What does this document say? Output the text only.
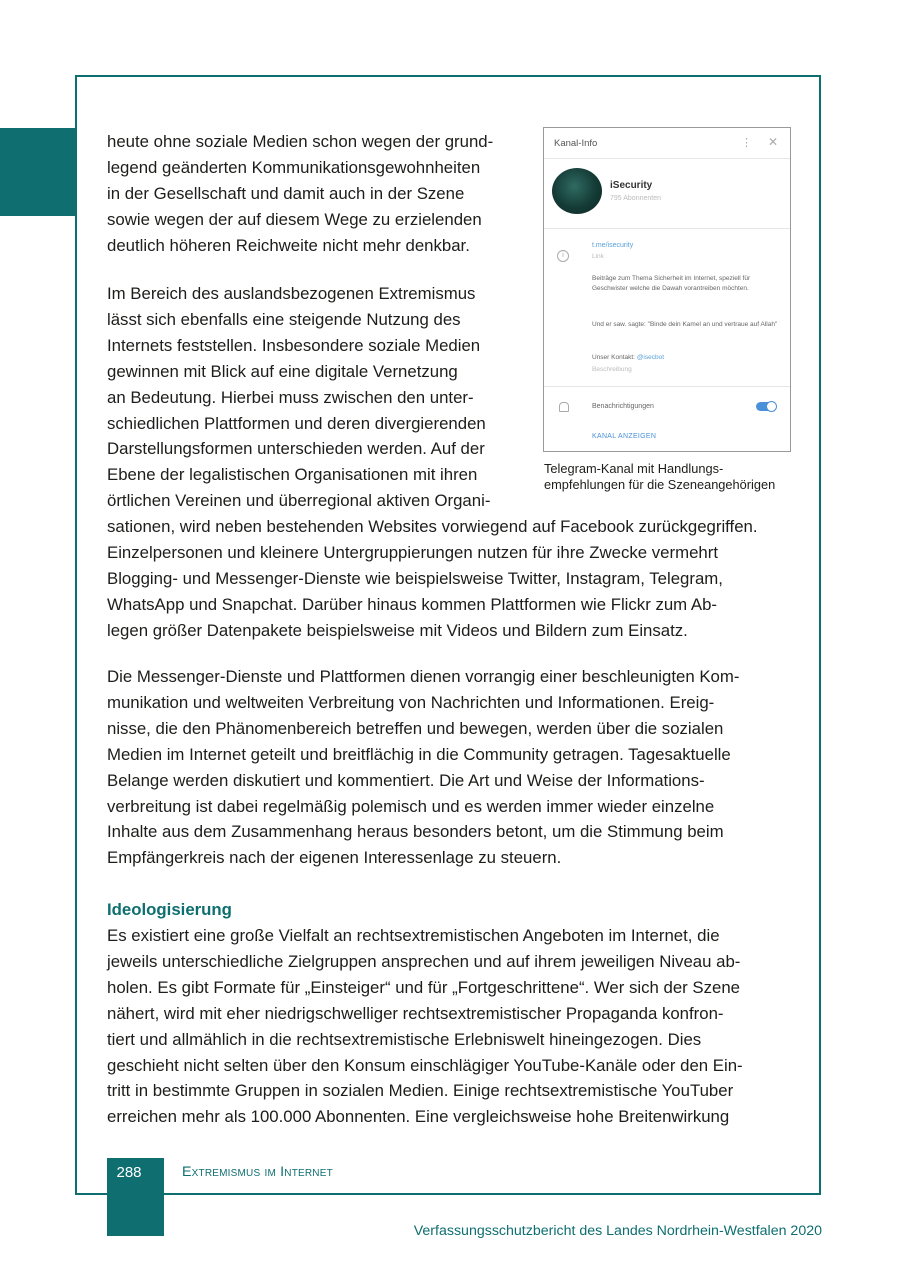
heute ohne soziale Medien schon wegen der grund-
legend geänderten Kommunikationsgewohnheiten
in der Gesellschaft und damit auch in der Szene
sowie wegen der auf diesem Wege zu erzielenden
deutlich höheren Reichweite nicht mehr denkbar.

Im Bereich des auslandsbezogenen Extremismus
lässt sich ebenfalls eine steigende Nutzung des
Internets feststellen. Insbesondere soziale Medien
gewinnen mit Blick auf eine digitale Vernetzung
an Bedeutung. Hierbei muss zwischen den unter-
schiedlichen Plattformen und deren divergierenden
Darstellungsformen unterschieden werden. Auf der
Ebene der legalistischen Organisationen mit ihren
örtlichen Vereinen und überregional aktiven Organi-
sationen, wird neben bestehenden Websites vorwiegend auf Facebook zurückgegriffen.
Einzelpersonen und kleinere Untergruppierungen nutzen für ihre Zwecke vermehrt
Blogging- und Messenger-Dienste wie beispielsweise Twitter, Instagram, Telegram,
WhatsApp und Snapchat. Darüber hinaus kommen Plattformen wie Flickr zum Ab-
legen größer Datenpakete beispielsweise mit Videos und Bildern zum Einsatz.

Die Messenger-Dienste und Plattformen dienen vorrangig einer beschleunigten Kom-
munikation und weltweiten Verbreitung von Nachrichten und Informationen. Ereig-
nisse, die den Phänomenbereich betreffen und bewegen, werden über die sozialen
Medien im Internet geteilt und breitflächig in die Community getragen. Tagesaktuelle
Belange werden diskutiert und kommentiert. Die Art und Weise der Informations-
verbreitung ist dabei regelmäßig polemisch und es werden immer wieder einzelne
Inhalte aus dem Zusammenhang heraus besonders betont, um die Stimmung beim
Empfängerkreis nach der eigenen Interessenlage zu steuern.

Ideologisierung

Es existiert eine große Vielfalt an rechtsextremistischen Angeboten im Internet, die
jeweils unterschiedliche Zielgruppen ansprechen und auf ihrem jeweiligen Niveau ab-
holen. Es gibt Formate für „Einsteiger“ und für „Fortgeschrittene“. Wer sich der Szene
nähert, wird mit eher niedrigschwelliger rechtsextremistischer Propaganda konfron-
tiert und allmählich in die rechtsextremistische Erlebniswelt hineingezogen. Dies
geschieht nicht selten über den Konsum einschlägiger YouTube-Kanäle oder den Ein-
tritt in bestimmte Gruppen in sozialen Medien. Einige rechtsextremistische YouTuber
erreichen mehr als 100.000 Abonnenten. Eine vergleichsweise hohe Breitenwirkung

Kanal-Info	⋮ ✕
iSecurity
795 Abonnenten
i
t.me/isecurity
Link
Beiträge zum Thema Sicherheit im Internet, speziell für Geschwister welche die Dawah vorantreiben möchten.
Und er saw. sagte: "Binde dein Kamel an und vertraue auf Allah"
Unser Kontakt: @isecbot
Beschreibung
Benachrichtigungen
KANAL ANZEIGEN

Telegram-Kanal mit Handlungs-empfehlungen für die Szeneangehörigen

288	Extremismus im Internet

Verfassungsschutzbericht des Landes Nordrhein-Westfalen 2020
